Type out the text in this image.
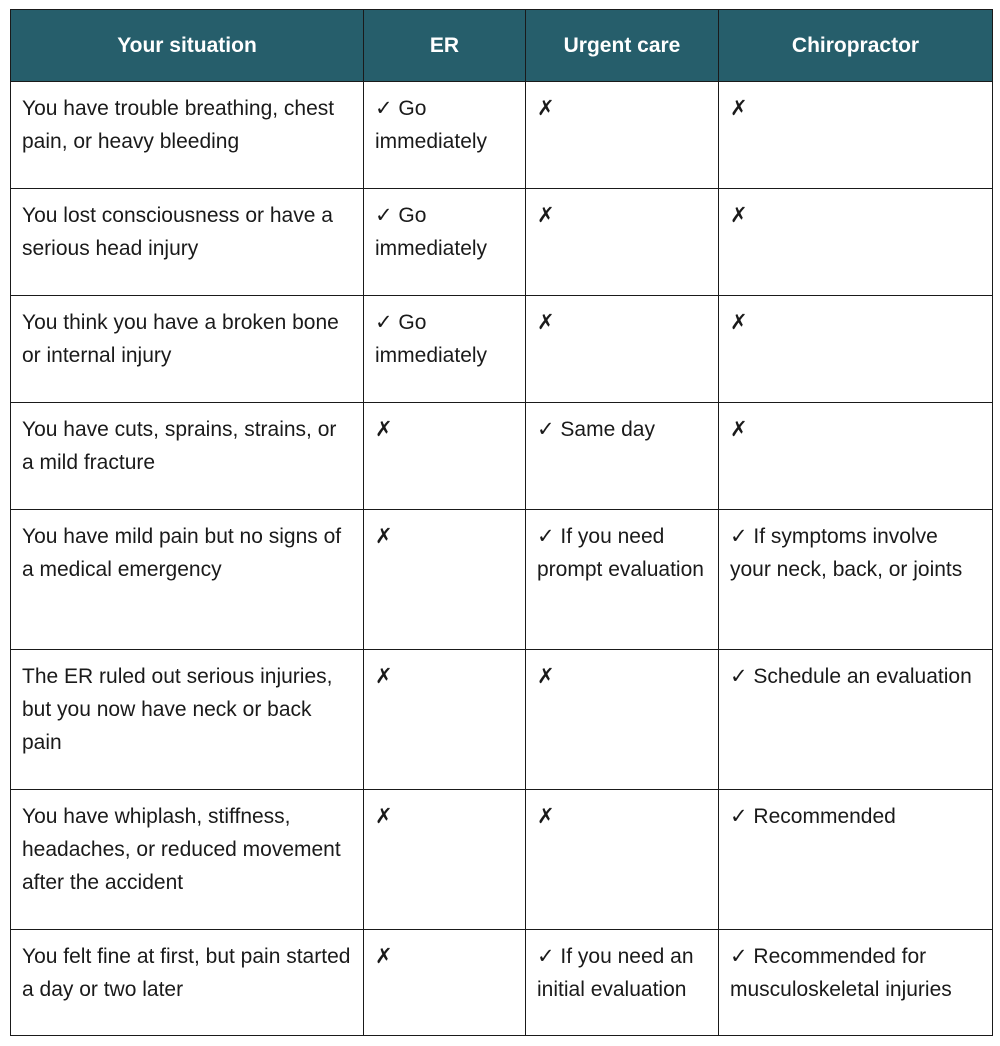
Your situation	ER	Urgent care	Chiropractor
You have trouble breathing, chest pain, or heavy bleeding	✓ Go immediately	✗	✗
You lost consciousness or have a serious head injury	✓ Go immediately	✗	✗
You think you have a broken bone or internal injury	✓ Go immediately	✗	✗
You have cuts, sprains, strains, or a mild fracture	✗	✓ Same day	✗
You have mild pain but no signs of a medical emergency	✗	✓ If you need prompt evaluation	✓ If symptoms involve your neck, back, or joints
The ER ruled out serious injuries, but you now have neck or back pain	✗	✗	✓ Schedule an evaluation
You have whiplash, stiffness, headaches, or reduced movement after the accident	✗	✗	✓ Recommended
You felt fine at first, but pain started a day or two later	✗	✓ If you need an initial evaluation	✓ Recommended for musculoskeletal injuries
